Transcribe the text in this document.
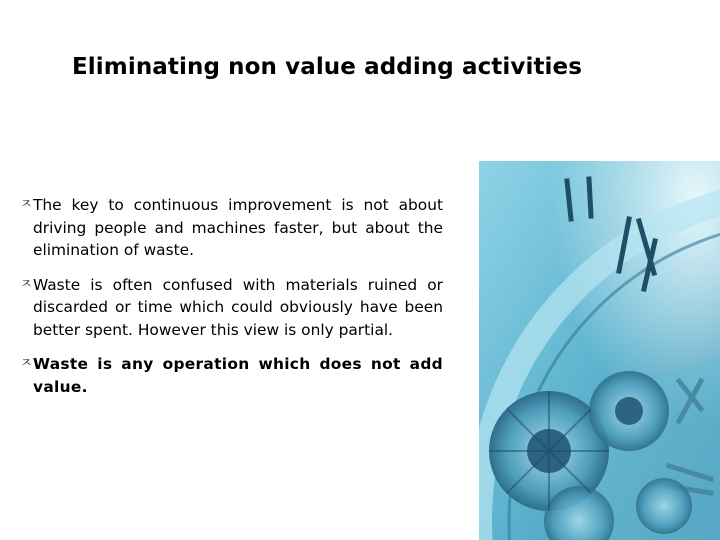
Eliminating non value adding activities
ㅈ The key to continuous improvement is not about driving people and machines faster, but about the elimination of waste.
ㅈ Waste is often confused with materials ruined or discarded or time which could obviously have been better spent. However this view is only partial.
ㅈ Waste is any operation which does not add value.
